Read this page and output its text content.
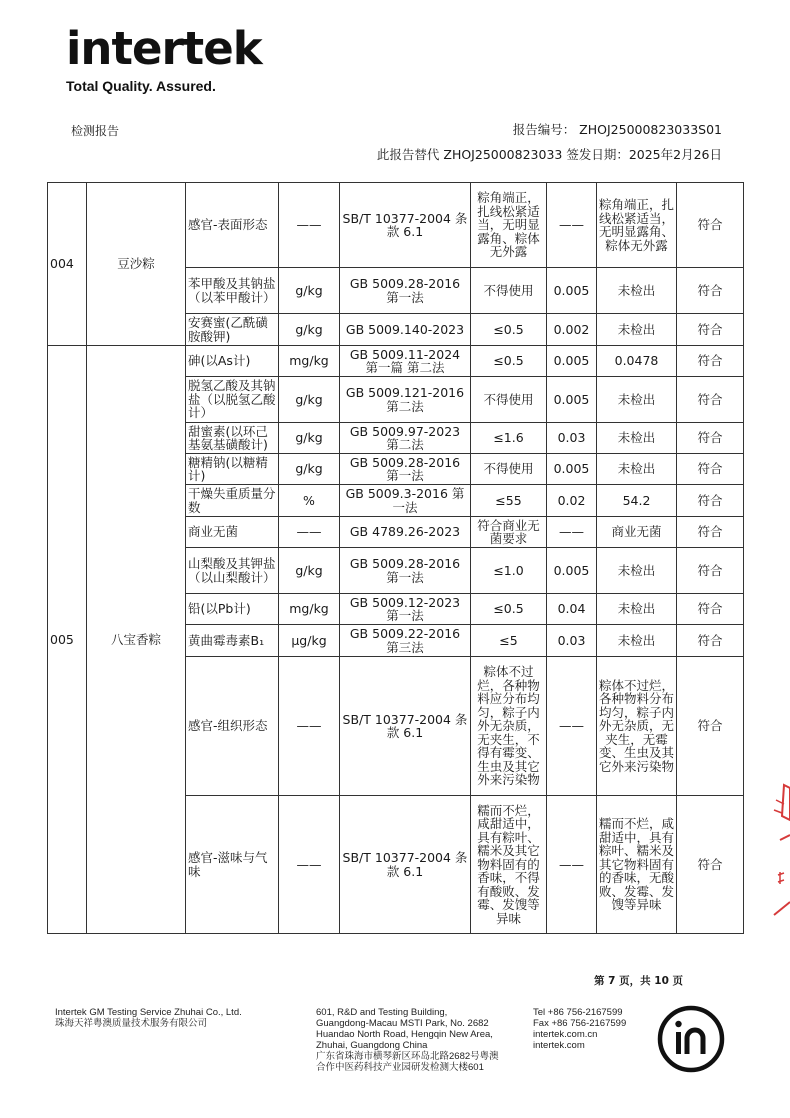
intertek
Total Quality. Assured.
检测报告	报告编号： ZHOJ25000823033S01
此报告替代 ZHOJ25000823033 签发日期：2025年2月26日
004	豆沙粽	感官-表面形态	——	SB/T 10377-2004 条款 6.1	粽角端正，扎线松紧适当，无明显露角、粽体无外露	——	粽角端正，扎线松紧适当，无明显露角、粽体无外露	符合
		苯甲酸及其钠盐（以苯甲酸计）	g/kg	GB 5009.28-2016 第一法	不得使用	0.005	未检出	符合
		安赛蜜(乙酰磺胺酸钾)	g/kg	GB 5009.140-2023	≤0.5	0.002	未检出	符合
005	八宝香粽	砷(以As计)	mg/kg	GB 5009.11-2024 第一篇 第二法	≤0.5	0.005	0.0478	符合
		脱氢乙酸及其钠盐（以脱氢乙酸计）	g/kg	GB 5009.121-2016 第二法	不得使用	0.005	未检出	符合
		甜蜜素(以环己基氨基磺酸计)	g/kg	GB 5009.97-2023 第二法	≤1.6	0.03	未检出	符合
		糖精钠(以糖精计)	g/kg	GB 5009.28-2016 第一法	不得使用	0.005	未检出	符合
		干燥失重质量分数	%	GB 5009.3-2016 第一法	≤55	0.02	54.2	符合
		商业无菌	——	GB 4789.26-2023	符合商业无菌要求	——	商业无菌	符合
		山梨酸及其钾盐（以山梨酸计）	g/kg	GB 5009.28-2016 第一法	≤1.0	0.005	未检出	符合
		铅(以Pb计)	mg/kg	GB 5009.12-2023 第一法	≤0.5	0.04	未检出	符合
		黄曲霉毒素B₁	μg/kg	GB 5009.22-2016 第三法	≤5	0.03	未检出	符合
		感官-组织形态	——	SB/T 10377-2004 条款 6.1	粽体不过烂，各种物料应分布均匀，粽子内外无杂质，无夹生，不得有霉变、生虫及其它外来污染物	——	粽体不过烂，各种物料分布均匀，粽子内外无杂质，无夹生，无霉变、生虫及其它外来污染物	符合
		感官-滋味与气味	——	SB/T 10377-2004 条款 6.1	糯而不烂，咸甜适中，具有粽叶、糯米及其它物料固有的香味，不得有酸败、发霉、发馊等异味	——	糯而不烂，咸甜适中，具有粽叶、糯米及其它物料固有的香味，无酸败、发霉、发馊等异味	符合
第 7 页，共 10 页
Intertek GM Testing Service Zhuhai Co., Ltd.
珠海天祥粤澳质量技术服务有限公司
601, R&D and Testing Building,
Guangdong-Macau MSTI Park, No. 2682
Huandao North Road, Hengqin New Area,
Zhuhai, Guangdong China
广东省珠海市横琴新区环岛北路2682号粤澳
合作中医药科技产业园研发检测大楼601
Tel +86 756-2167599
Fax +86 756-2167599
intertek.com.cn
intertek.com
